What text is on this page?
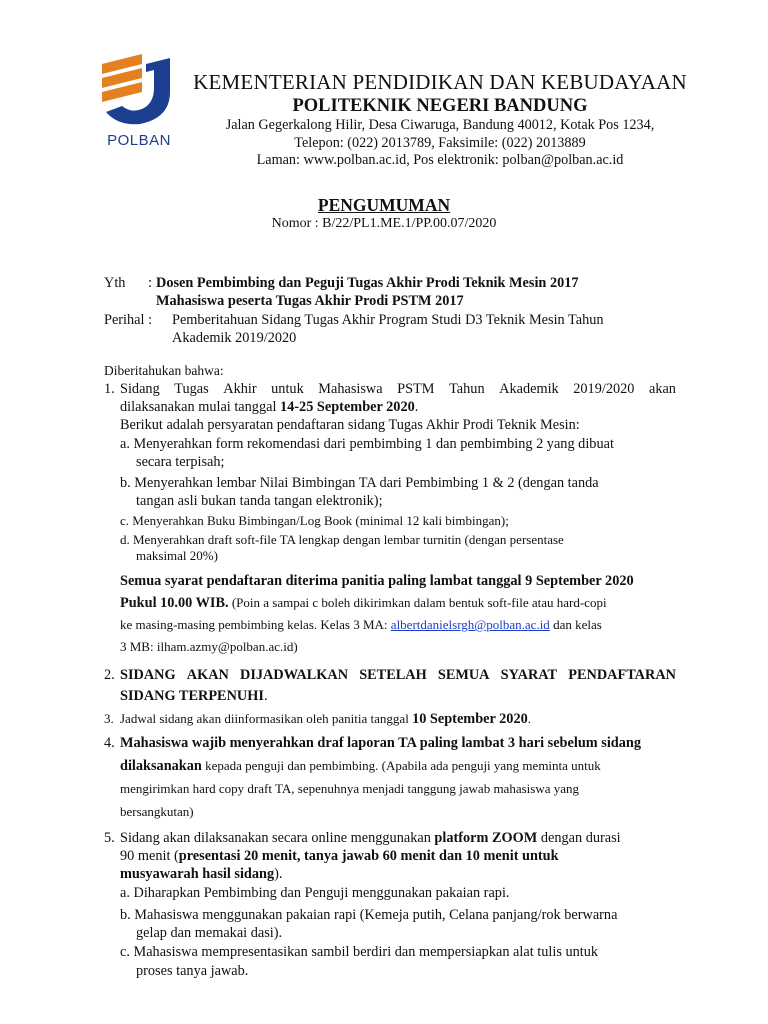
POLBAN
KEMENTERIAN PENDIDIKAN DAN KEBUDAYAAN
POLITEKNIK NEGERI BANDUNG
Jalan Gegerkalong Hilir, Desa Ciwaruga, Bandung 40012, Kotak Pos 1234,
Telepon: (022) 2013789, Faksimile: (022) 2013889
Laman: www.polban.ac.id, Pos elektronik: polban@polban.ac.id
PENGUMUMAN
Nomor : B/22/PL1.ME.1/PP.00.07/2020
Yth : Dosen Pembimbing dan Peguji Tugas Akhir Prodi Teknik Mesin 2017
Mahasiswa peserta Tugas Akhir Prodi PSTM 2017
Perihal : Pemberitahuan Sidang Tugas Akhir Program Studi D3 Teknik Mesin Tahun
Akademik 2019/2020
Diberitahukan bahwa:
1. Sidang Tugas Akhir untuk Mahasiswa PSTM Tahun Akademik 2019/2020 akan
dilaksanakan mulai tanggal 14-25 September 2020.
Berikut adalah persyaratan pendaftaran sidang Tugas Akhir Prodi Teknik Mesin:
a. Menyerahkan form rekomendasi dari pembimbing 1 dan pembimbing 2 yang dibuat
secara terpisah;
b. Menyerahkan lembar Nilai Bimbingan TA dari Pembimbing 1 & 2 (dengan tanda
tangan asli bukan tanda tangan elektronik);
c. Menyerahkan Buku Bimbingan/Log Book (minimal 12 kali bimbingan);
d. Menyerahkan draft soft-file TA lengkap dengan lembar turnitin (dengan persentase
maksimal 20%)
Semua syarat pendaftaran diterima panitia paling lambat tanggal 9 September 2020
Pukul 10.00 WIB. (Poin a sampai c boleh dikirimkan dalam bentuk soft-file atau hard-copi
ke masing-masing pembimbing kelas. Kelas 3 MA: albertdanielsrgh@polban.ac.id dan kelas
3 MB: ilham.azmy@polban.ac.id)
2. SIDANG AKAN DIJADWALKAN SETELAH SEMUA SYARAT PENDAFTARAN
SIDANG TERPENUHI.
3. Jadwal sidang akan diinformasikan oleh panitia tanggal 10 September 2020.
4. Mahasiswa wajib menyerahkan draf laporan TA paling lambat 3 hari sebelum sidang
dilaksanakan kepada penguji dan pembimbing. (Apabila ada penguji yang meminta untuk
mengirimkan hard copy draft TA, sepenuhnya menjadi tanggung jawab mahasiswa yang
bersangkutan)
5. Sidang akan dilaksanakan secara online menggunakan platform ZOOM dengan durasi
90 menit (presentasi 20 menit, tanya jawab 60 menit dan 10 menit untuk
musyawarah hasil sidang).
a. Diharapkan Pembimbing dan Penguji menggunakan pakaian rapi.
b. Mahasiswa menggunakan pakaian rapi (Kemeja putih, Celana panjang/rok berwarna
gelap dan memakai dasi).
c. Mahasiswa mempresentasikan sambil berdiri dan mempersiapkan alat tulis untuk
proses tanya jawab.
